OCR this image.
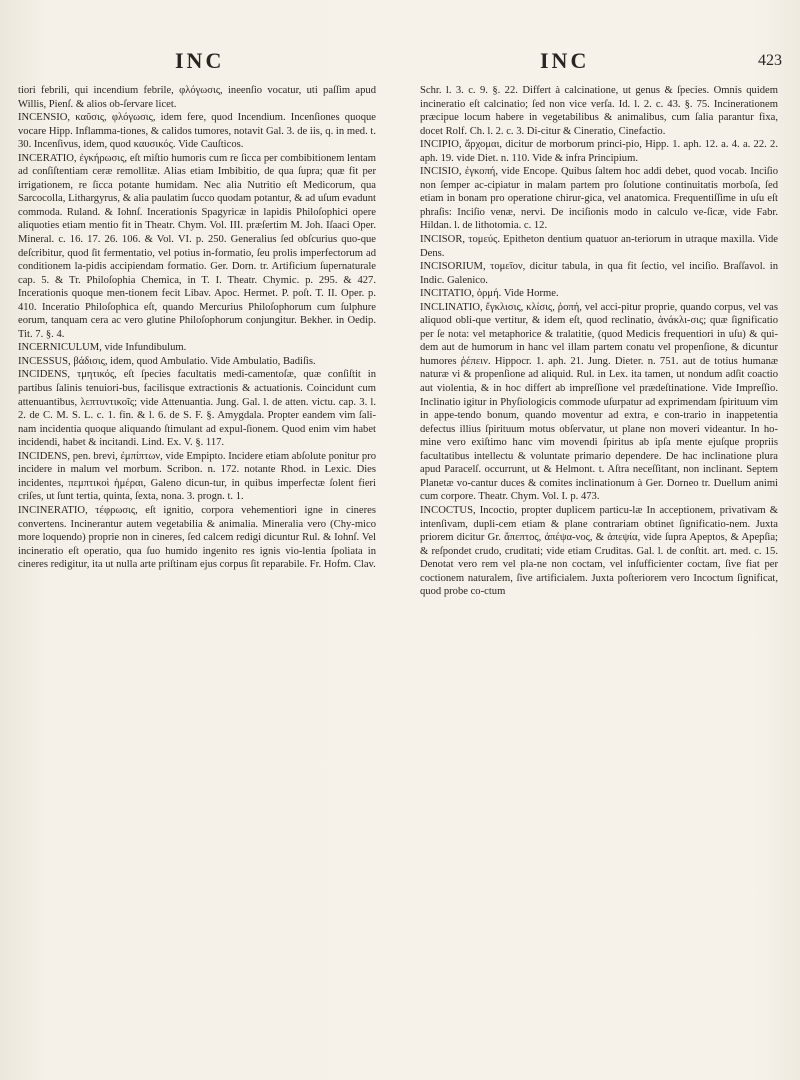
INC	INC	423

tiori febrili, qui incendium febrile, φλόγωσις, ineenſio vocatur, uti paſſim apud Willis, Pienſ. & alios ob-ſervare licet.

INCENSIO, καῦσις, φλόγωσις, idem fere, quod Incendium. Incenſiones quoque vocare Hipp. Inflamma-tiones, & calidos tumores, notavit Gal. 3. de iis, q. in med. t. 30. Incenſivus, idem, quod καυσικός. Vide Cauſticos.

INCERATIO, ἐγκήρωσις, eſt miſtio humoris cum re ſicca per combibitionem lentam ad conſiſtentiam ceræ remollitæ. Alias etiam Imbibitio, de qua ſupra; quæ fit per irrigationem, re ſicca potante humidam. Nec alia Nutritio eſt Medicorum, qua Sarcocolla, Lithargyrus, & alia paulatim ſucco quodam potantur, & ad uſum evadunt commoda. Ruland. & Iohnſ. Incerationis Spagyricæ in lapidis Philoſophici opere aliquoties etiam mentio fit in Theatr. Chym. Vol. III. præſertim M. Joh. Iſaaci Oper. Mineral. c. 16. 17. 26. 106. & Vol. VI. p. 250. Generalius ſed obſcurius quo-que deſcribitur, quod ſit fermentatio, vel potius in-formatio, ſeu prolis imperfectorum ad conditionem la-pidis accipiendam formatio. Ger. Dorn. tr. Artificium ſupernaturale cap. 5. & Tr. Philoſophia Chemica, in T. I. Theatr. Chymic. p. 295. & 427. Incerationis quoque men-tionem fecit Libav. Apoc. Hermet. P. poſt. T. II. Oper. p. 410. Inceratio Philoſophica eſt, quando Mercurius Philoſophorum cum ſulphure eorum, tanquam cera ac vero glutine Philoſophorum conjungitur. Bekher. in Oedip. Tit. 7. §. 4.

INCERNICULUM, vide Infundibulum.

INCESSUS, βάδισις, idem, quod Ambulatio. Vide Ambulatio, Badiſis.

INCIDENS, τμητικός, eſt ſpecies facultatis medi-camentoſæ, quæ conſiſtit in partibus ſalinis tenuiori-bus, facilisque extractionis & actuationis. Coincidunt cum attenuantibus, λεπτυντικοῖς; vide Attenuantia. Jung. Gal. l. de atten. victu. cap. 3. l. 2. de C. M. S. L. c. 1. fin. & l. 6. de S. F. §. Amygdala. Propter eandem vim ſali-nam incidentia quoque aliquando ſtimulant ad expul-ſionem. Quod enim vim habet incidendi, habet & incitandi. Lind. Ex. V. §. 117.

INCIDENS, pen. brevi, ἐμπίπτων, vide Empipto. Incidere etiam abſolute ponitur pro incidere in malum vel morbum. Scribon. n. 172. notante Rhod. in Lexic. Dies incidentes, πεμπτικοὶ ἡμέραι, Galeno dicun-tur, in quibus imperfectæ ſolent fieri criſes, ut ſunt tertia, quinta, ſexta, nona. 3. progn. t. 1.

INCINERATIO, τέφρωσις, eſt ignitio, corpora vehementiori igne in cineres convertens. Incinerantur autem vegetabilia & animalia. Mineralia vero (Chy-mico more loquendo) proprie non in cineres, ſed calcem redigi dicuntur Rul. & Iohnſ. Vel incineratio eſt operatio, qua ſuo humido ingenito res ignis vio-lentia ſpoliata in cineres redigitur, ita ut nulla arte priſtinam ejus corpus ſit reparabile. Fr. Hofm. Clav.

Schr. l. 3. c. 9. §. 22. Differt à calcinatione, ut genus & ſpecies. Omnis quidem incineratio eſt calcinatio; ſed non vice verſa. Id. l. 2. c. 43. §. 75. Incinerationem præcipue locum habere in vegetabilibus & animalibus, cum ſalia parantur fixa, docet Rolf. Ch. l. 2. c. 3. Di-citur & Cineratio, Cinefactio.

INCIPIO, ἄρχομαι, dicitur de morborum princi-pio, Hipp. 1. aph. 12. a. 4. a. 22. 2. aph. 19. vide Diet. n. 110. Vide & infra Principium.

INCISIO, ἐγκοπή, vide Encope. Quibus ſaltem hoc addi debet, quod vocab. Inciſio non ſemper ac-cipiatur in malam partem pro ſolutione continuitatis morboſa, ſed etiam in bonam pro operatione chirur-gica, vel anatomica. Frequentiſſime in uſu eſt phraſis: Inciſio venæ, nervi. De inciſionis modo in calculo ve-ſicæ, vide Fabr. Hildan. l. de lithotomia. c. 12.

INCISOR, τομεύς. Epitheton dentium quatuor an-teriorum in utraque maxilla. Vide Dens.

INCISORIUM, τομεῖον, dicitur tabula, in qua fit ſectio, vel inciſio. Braſſavol. in Indic. Galenico.

INCITATIO, ὁρμή. Vide Horme.

INCLINATIO, ἔγκλισις, κλίσις, ῥοπή, vel acci-pitur proprie, quando corpus, vel vas aliquod obli-que vertitur, & idem eſt, quod reclinatio, ἀνάκλι-σις; quæ ſignificatio per ſe nota: vel metaphorice & tralatitie, (quod Medicis frequentiori in uſu) & qui-dem aut de humorum in hanc vel illam partem conatu vel propenſione, & dicuntur humores ῥέπειν. Hippocr. 1. aph. 21. Jung. Dieter. n. 751. aut de totius humanæ naturæ vi & propenſione ad aliquid. Rul. in Lex. ita tamen, ut nondum adſit coactio aut violentia, & in hoc differt ab impreſſione vel prædeſtinatione. Vide Impreſſio. Inclinatio igitur in Phyſiologicis commode uſurpatur ad exprimendam ſpirituum vim in appe-tendo bonum, quando moventur ad extra, e con-trario in inappetentia defectus illius ſpirituum motus obſervatur, ut plane non moveri videantur. In ho-mine vero exiſtimo hanc vim movendi ſpiritus ab ipſa mente ejuſque propriis facultatibus intellectu & voluntate primario dependere. De hac inclinatione plura apud Paracelſ. occurrunt, ut & Helmont. t. Aſtra neceſſitant, non inclinant. Septem Planetæ vo-cantur duces & comites inclinationum à Ger. Dorneo tr. Duellum animi cum corpore. Theatr. Chym. Vol. I. p. 473.

INCOCTUS, Incoctio, propter duplicem particu-læ In acceptionem, privativam & intenſivam, dupli-cem etiam & plane contrariam obtinet ſignificatio-nem. Juxta priorem dicitur Gr. ἄπεπτος, ἀπέψα-νος, & ἀπεψία, vide ſupra Apeptos, & Apepſia; & reſpondet crudo, cruditati; vide etiam Cruditas. Gal. l. de conſtit. art. med. c. 15. Denotat vero rem vel pla-ne non coctam, vel inſufficienter coctam, ſive fiat per coctionem naturalem, ſive artificialem. Juxta poſteriorem vero Incoctum ſignificat, quod probe co-ctum
